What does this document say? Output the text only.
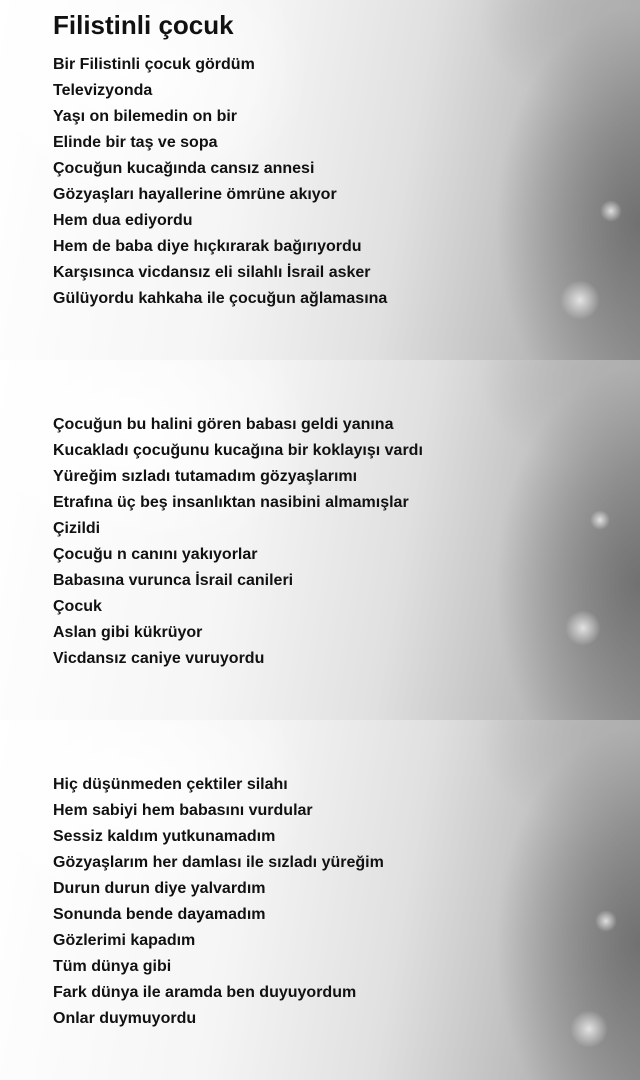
Filistinli çocuk
Bir Filistinli çocuk gördüm
Televizyonda
Yaşı on bilemedin on bir
Elinde bir taş ve sopa
Çocuğun kucağında cansız annesi
Gözyaşları hayallerine ömrüne akıyor
Hem dua ediyordu
Hem de baba diye hıçkırarak bağırıyordu
Karşısınca vicdansız eli silahlı İsrail asker
Gülüyordu kahkaha ile çocuğun ağlamasına
Çocuğun bu halini gören babası geldi yanına
Kucakladı çocuğunu kucağına bir koklayışı vardı
Yüreğim sızladı tutamadım gözyaşlarımı
Etrafına üç beş insanlıktan nasibini almamışlar
Çizildi
Çocuğu n canını yakıyorlar
Babasına vurunca İsrail canileri
Çocuk
Aslan gibi kükrüyor
Vicdansız caniye vuruyordu
Hiç düşünmeden çektiler silahı
Hem sabiyi hem babasını vurdular
Sessiz kaldım yutkunamadım
Gözyaşlarım her damlası ile sızladı yüreğim
Durun durun diye yalvardım
Sonunda bende dayamadım
Gözlerimi kapadım
Tüm dünya gibi
Fark dünya ile aramda ben duyuyordum
Onlar duymuyordu
